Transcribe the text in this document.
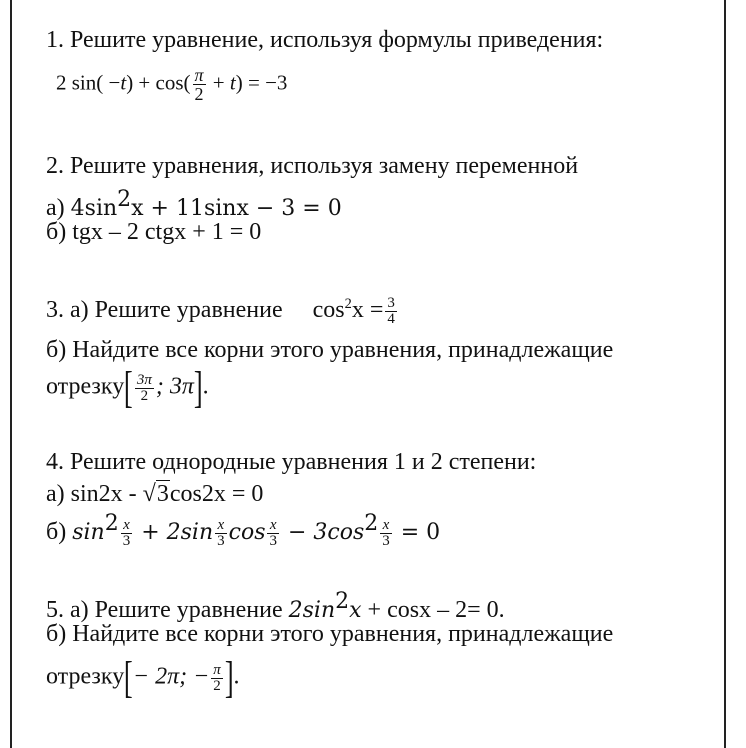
1. Решите уравнение, используя формулы приведения:
2 $\sin( -t) + \cos( \frac{\pi}{2} + t) = -3$
2. Решите уравнения, используя замену переменной
а) $4\sin^2x + 11\sin x - 3 = 0$
б) tgx – 2 ctgx + 1 = 0
3. а) Решите уравнение $\cos^2x = \frac{3}{4}$
б) Найдите все корни этого уравнения, принадлежащие
отрезку[ $\frac{3\pi}{2}$ ; 3π].
4. Решите однородные уравнения 1 и 2 степени:
а) sin2x - √3cos2x = 0
б) $\sin^2 \frac{x}{3} + 2\sin \frac{x}{3}$ $\cos \frac{x}{3} - 3\cos^2 \frac{x}{3} = 0$
5. а) Решите уравнение $2\sin^2x + \cos x - 2= 0$.
б) Найдите все корни этого уравнения, принадлежащие
отрезку[− 2π; − $\frac{\pi}{2}$ ].
